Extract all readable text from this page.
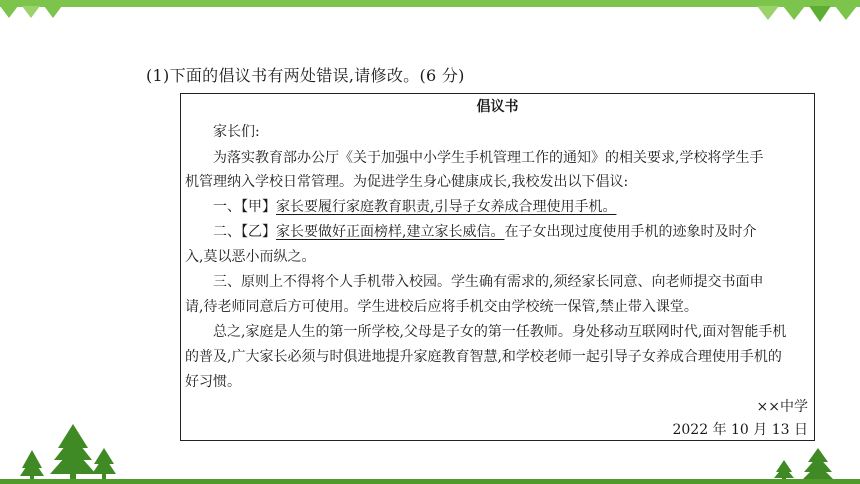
(1)下面的倡议书有两处错误,请修改。(6 分)
倡议书
家长们:
为落实教育部办公厅《关于加强中小学生手机管理工作的通知》的相关要求,学校将学生手
机管理纳入学校日常管理。为促进学生身心健康成长,我校发出以下倡议:
一、【甲】家长要履行家庭教育职责,引导子女养成合理使用手机。
二、【乙】家长要做好正面榜样,建立家长威信。在子女出现过度使用手机的迹象时及时介
入,莫以恶小而纵之。
三、原则上不得将个人手机带入校园。学生确有需求的,须经家长同意、向老师提交书面申
请,待老师同意后方可使用。学生进校后应将手机交由学校统一保管,禁止带入课堂。
总之,家庭是人生的第一所学校,父母是子女的第一任教师。身处移动互联网时代,面对智能手机
的普及,广大家长必须与时俱进地提升家庭教育智慧,和学校老师一起引导子女养成合理使用手机的
好习惯。
××中学
2022 年 10 月 13 日
